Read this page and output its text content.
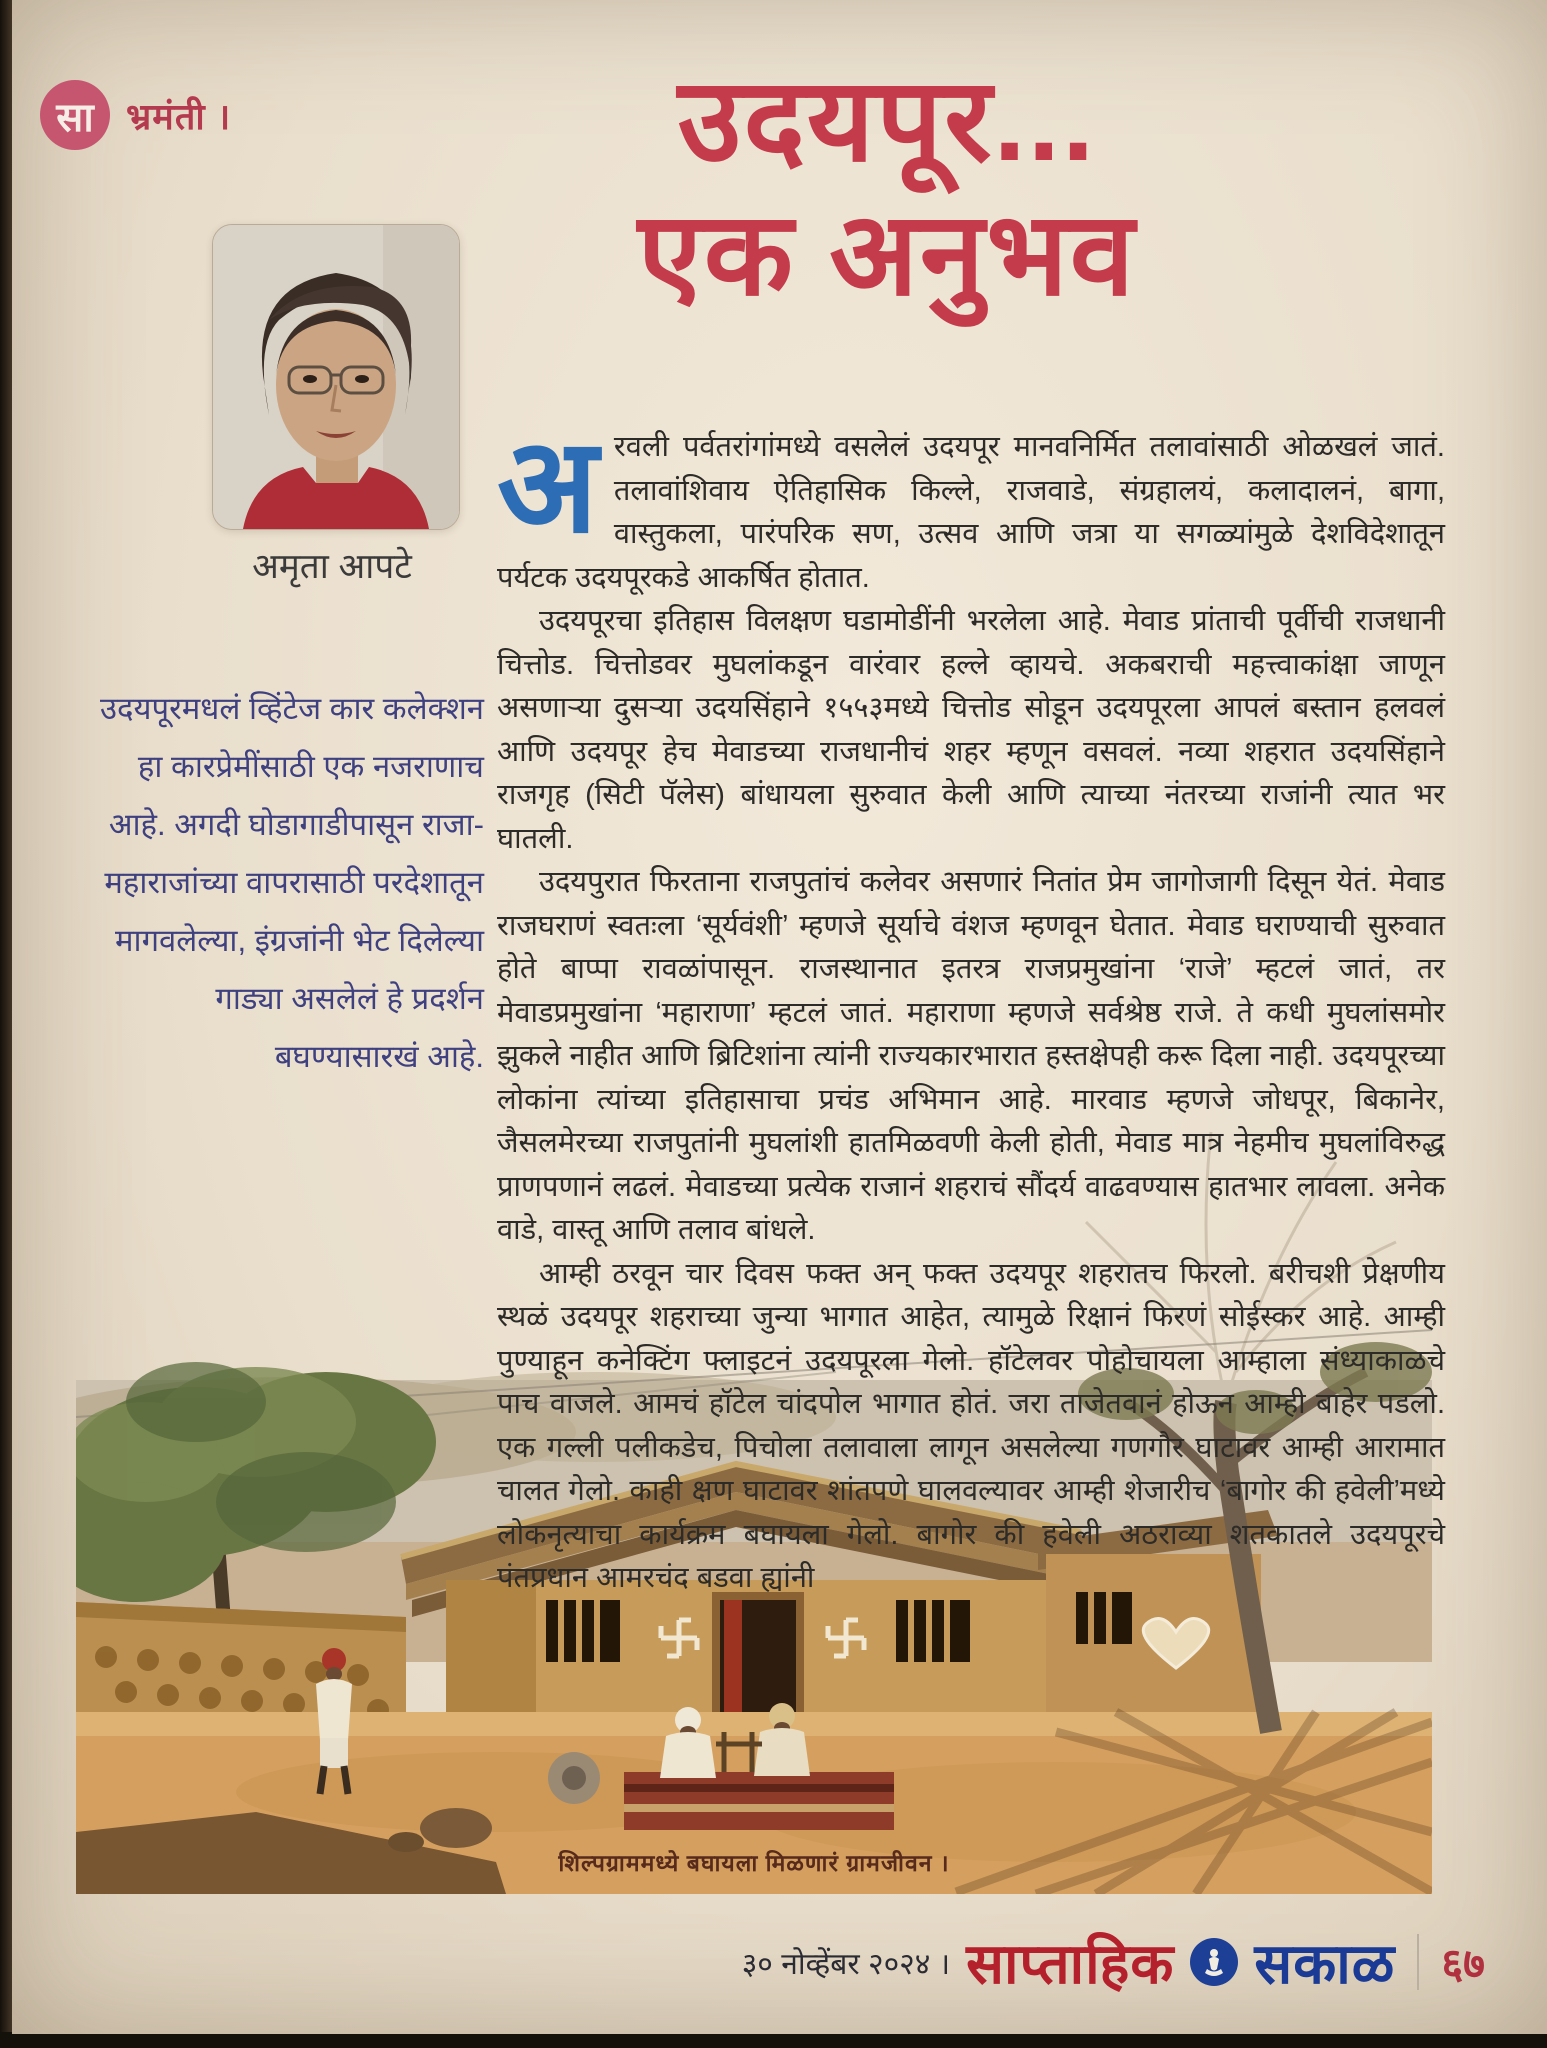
सा भ्रमंती ।	उदयपूर...
एक अनुभव
अमृता आपटे
उदयपूरमधलं व्हिंटेज कार कलेक्शन हा कारप्रेमींसाठी एक नजराणाच आहे. अगदी घोडागाडीपासून राजा-महाराजांच्या वापरासाठी परदेशातून मागवलेल्या, इंग्रजांनी भेट दिलेल्या गाड्या असलेलं हे प्रदर्शन बघण्यासारखं आहे.

अरवली पर्वतरांगांमध्ये वसलेलं उदयपूर मानवनिर्मित तलावांसाठी ओळखलं जातं. तलावांशिवाय ऐतिहासिक किल्ले, राजवाडे, संग्रहालयं, कलादालनं, बागा, वास्तुकला, पारंपरिक सण, उत्सव आणि जत्रा या सगळ्यांमुळे देशविदेशातून पर्यटक उदयपूरकडे आकर्षित होतात.

उदयपूरचा इतिहास विलक्षण घडामोडींनी भरलेला आहे. मेवाड प्रांताची पूर्वीची राजधानी चित्तोड. चित्तोडवर मुघलांकडून वारंवार हल्ले व्हायचे. अकबराची महत्त्वाकांक्षा जाणून असणाऱ्या दुसऱ्या उदयसिंहाने १५५३मध्ये चित्तोड सोडून उदयपूरला आपलं बस्तान हलवलं आणि उदयपूर हेच मेवाडच्या राजधानीचं शहर म्हणून वसवलं. नव्या शहरात उदयसिंहाने राजगृह (सिटी पॅलेस) बांधायला सुरुवात केली आणि त्याच्या नंतरच्या राजांनी त्यात भर घातली.

उदयपुरात फिरताना राजपुतांचं कलेवर असणारं नितांत प्रेम जागोजागी दिसून येतं. मेवाड राजघराणं स्वतःला ‘सूर्यवंशी’ म्हणजे सूर्याचे वंशज म्हणवून घेतात. मेवाड घराण्याची सुरुवात होते बाप्पा रावळांपासून. राजस्थानात इतरत्र राजप्रमुखांना ‘राजे’ म्हटलं जातं, तर मेवाडप्रमुखांना ‘महाराणा’ म्हटलं जातं. महाराणा म्हणजे सर्वश्रेष्ठ राजे. ते कधी मुघलांसमोर झुकले नाहीत आणि ब्रिटिशांना त्यांनी राज्यकारभारात हस्तक्षेपही करू दिला नाही. उदयपूरच्या लोकांना त्यांच्या इतिहासाचा प्रचंड अभिमान आहे. मारवाड म्हणजे जोधपूर, बिकानेर, जैसलमेरच्या राजपुतांनी मुघलांशी हातमिळवणी केली होती, मेवाड मात्र नेहमीच मुघलांविरुद्ध प्राणपणानं लढलं. मेवाडच्या प्रत्येक राजानं शहराचं सौंदर्य वाढवण्यास हातभार लावला. अनेक वाडे, वास्तू आणि तलाव बांधले.

आम्ही ठरवून चार दिवस फक्त अन् फक्त उदयपूर शहरातच फिरलो. बरीचशी प्रेक्षणीय स्थळं उदयपूर शहराच्या जुन्या भागात आहेत, त्यामुळे रिक्षानं फिरणं सोईस्कर आहे. आम्ही पुण्याहून कनेक्टिंग फ्लाइटनं उदयपूरला गेलो. हॉटेलवर पोहोचायला आम्हाला संध्याकाळचे पाच वाजले. आमचं हॉटेल चांदपोल भागात होतं. जरा ताजेतवानं होऊन आम्ही बाहेर पडलो. एक गल्ली पलीकडेच, पिचोला तलावाला लागून असलेल्या गणगौर घाटावर आम्ही आरामात चालत गेलो. काही क्षण घाटावर शांतपणे घालवल्यावर आम्ही शेजारीच ‘बागोर की हवेली’मध्ये लोकनृत्याचा कार्यक्रम बघायला गेलो. बागोर की हवेली अठराव्या शतकातले उदयपूरचे पंतप्रधान आमरचंद बडवा ह्यांनी

शिल्पग्राममध्ये बघायला मिळणारं ग्रामजीवन ।
३० नोव्हेंबर २०२४ । साप्ताहिक सकाळ ६७
